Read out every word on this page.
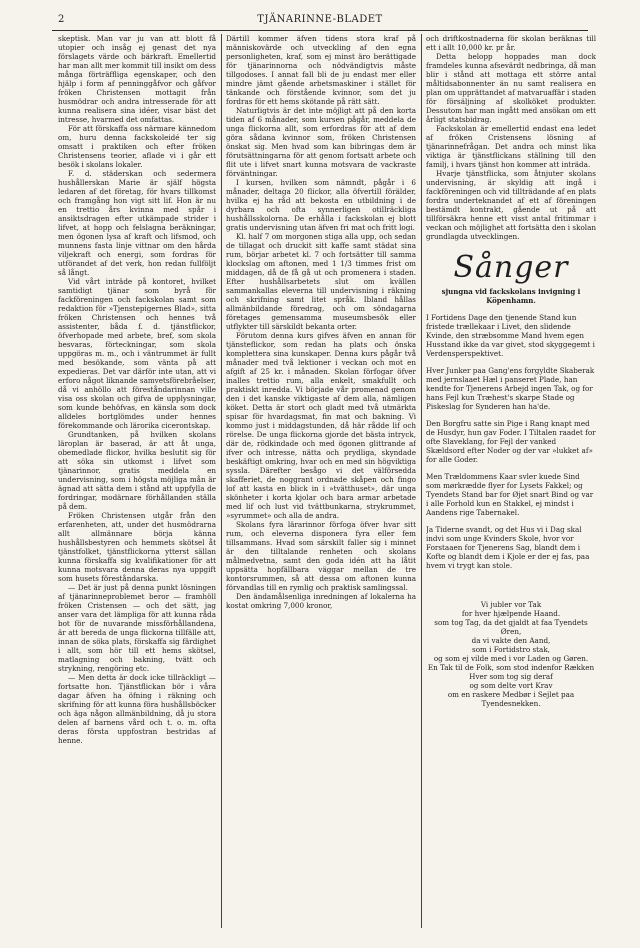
2	TJÄNARINNE-BLADET

skeptisk. Man var ju van att blott få utopier och insåg ej genast det nya förslagets värde och bärkraft. Emellertid har man allt mer kommit till insikt om dess många förträffliga egenskaper, och den hjälp i form af penninggåfvor och gåfvor fröken Christensen mottagit från husmödrar och andra intresserade för att kunna realisera sina idéer, visar bäst det intresse, hvarmed det omfattas.

För att förskaffa oss närmare kännedom om, huru denna fackskoleidé ter sig omsatt i praktiken och efter fröken Christensens teorier, aflade vi i går ett besök i skolans lokaler.

F. d. städerskan och sedermera hushållerskan Marie är själf högsta ledaren af det företag, för hvars tillkomst och framgång hon vigt sitt lif. Hon är nu en trettio års kvinna med spår i ansiktsdragen efter utkämpade strider i lifvet, at hopp och felslagna beräkningar, men ögonen lysa af kraft och lifsmod, och munnens fasta linje vittnar om den hårda viljekraft och energi, som fordras för utförandet af det verk, hon redan fullföljt så långt.

Vid vårt inträde på kontoret, hvilket samtidigt tjänar som byrå för fackföreningen och fackskolan samt som redaktion för »Tjenstepigernes Blad», sitta fröken Christensen och hennes två assistenter, båda f. d. tjänstflickor, öfverhopade med arbete, bref, som skola besvaras, förteckningar, som skola uppgöras m. m., och i väntrummet är fullt med besökande, som vänta på att expedieras. Det var därför inte utan, att vi erforo något liknande samvetsförebråelser, då vi anhöllo att föreståndarinnan ville visa oss skolan och gifva de upplysningar, som kunde behöfvas, en känsla som dock alldeles bortglömdes under hennes förekommande och lärorika cicerontskap.

Grundtanken, på hvilken skolans läroplan är baserad, är att åt unga, obemedlade flickor, hvilka beslutit sig för att söka sin utkomst i lifvet som tjänarinnor, gratis meddela en undervisning, som i högsta möjliga mån är ägnad att sätta dem i stånd att uppfylla de fordringar, modärnare förhållanden ställa på dem.

Fröken Christensen utgår från den erfarenheten, att, under det husmödrarna allt allmännare börja känna hushållsbestyren och hemmets skötsel åt tjänstfolket, tjänstflickorna ytterst sällan kunna förskaffa sig kvalifikationer för att kunna motsvara denna deras nya uppgift som husets föreståndarska.

— Det är just på denna punkt lösningen af tjänarinneproblemet beror — framhöll fröken Cristensen — och det sätt, jag anser vara det lämpliga för att kunna råda bot för de nuvarande missförhållandena, är att bereda de unga flickorna tillfälle att, innan de söka plats, förskaffa sig färdighet i allt, som hör till ett hems skötsel, matlagning och bakning, tvätt och strykning, rengöring etc.

— Men detta är dock icke tillräckligt — fortsatte hon. Tjänstflickan bör i våra dagar äfven ha öfning i räkning och skrifning för att kunna föra hushållsböcker och äga någon allmänbildning, då ju stora delen af barnens vård och t. o. m. ofta deras första uppfostran bestridas af henne.

Därtill kommer äfven tidens stora kraf på människovärde och utveckling af den egna personligheten, kraf, som ej minst äro berättigade för tjänarinnorna och nödvändigtvis måste tillgodoses. I annat fall bli de ju endast mer eller mindre jämt gående arbetsmaskiner i stället för tänkande och förstående kvinnor, som det ju fordras för ett hems skötande på rätt sätt.

Naturligtvis är det inte möjligt att på den korta tiden af 6 månader, som kursen pågår, meddela de unga flickorna allt, som erfordras för att af dem göra sådana kvinnor som, fröken Christensen önskat sig. Men hvad som kan bibringas dem är förutsättningarna för att genom fortsatt arbete och flit ute i lifvet snart kunna motsvara de vackraste förväntningar.

I kursen, hvilken som nämndt, pågår i 6 månader, deltaga 20 flickor, alla öfvertill förälder, hvilka ej ha råd att bekosta en utbildning i de dyrbara och ofta synnerligen otillräckliga hushållsskolorna. De erhålla i fackskolan ej blott gratis undervisning utan äfven fri mat och fritt logi.

Kl. half 7 om morgonen stiga alla upp, och sedan de tillagat och druckit sitt kaffe samt städat sina rum, börjar arbetet kl. 7 och fortsätter till samma klockslag om aftonen, med 1 1/3 timmes frist om middagen, då de få gå ut och promenera i staden. Efter hushållsarbetets slut om kvällen sammankallas eleverna till undervisning i räkning och skrifning samt litet språk. Ibland hållas allmänbildande föredrag, och om söndagarna företages gemensamma museumsbesök eller utflykter till särskildt bekanta orter.

Förutom denna kurs gifves äfven en annan för tjänsteflickor, som redan ha plats och önska komplettera sina kunskaper. Denna kurs pågår två månader med två lektioner i veckan och mot en afgift af 25 kr. i månaden. Skolan förfogar öfver inalles trettio rum, alla enkelt, smakfullt och praktiskt inredda. Vi började vår promenad genom den i det kanske viktigaste af dem alla, nämligen köket. Detta är stort och gladt med två utmärkta spisar för hvardagsmat, fin mat och bakning. Vi kommo just i middagstunden, då här rådde lif och rörelse. De unga flickorna gjorde det bästa intryck, där de, rödkindade och med ögonen glittrande af ifver och intresse, nätta och prydliga, skyndade beskäftigt omkring, hvar och en med sin högviktiga syssla. Därefter besågo vi det välförsedda skafferiet, de noggrant ordnade skåpen och fingo lof att kasta en blick in i »tvätthuset», där unga skönheter i korta kjolar och bara armar arbetade med lif och lust vid tvättbunkarna, strykrummet, »syrummet» och alla de andra.

Skolans fyra lärarinnor förfoga öfver hvar sitt rum, och eleverna disponera fyra eller fem tillsammans. Hvad som särskilt faller sig i minnet är den tilltalande renheten och skolans målmedvetna, samt den goda idén att ha låtit uppsätta hopfällbara väggar mellan de tre kontorsrummen, så att dessa om aftonen kunna förvandlas till en rymlig och praktisk samlingssal.

Den ändamålsenliga inredningen af lokalerna ha kostat omkring 7,000 kronor,

och driftkostnaderna för skolan beräknas till ett i allt 10,000 kr. pr år.

Detta belopp hoppades man dock framdeles kunna afsevärdt nedbringa, då man blir i stånd att mottaga ett större antal måltidsabonnenter än nu samt realisera en plan om upprättandet af matvaruaffär i staden för försäljning af skolköket produkter. Dessutom har man ingått med ansökan om ett årligt statsbidrag.

Fackskolan är emellertid endast ena ledet af fröken Cristensens lösning af tjänarinnefrågan. Det andra och minst lika viktiga är tjänstflickans ställning till den familj, i hvars tjänst hon kommer att inträda.

Hvarje tjänstflicka, som åtnjuter skolans undervisning, är skyldig att ingå i fackföreningen och vid tillträdande af en plats fordra underteknandet af ett af föreningen bestämdt kontrakt, gående ut på att tillförsäkra henne ett visst antal fritimmar i veckan och möjlighet att fortsätta den i skolan grundlagda utvecklingen.

Sånger
sjungna vid fackskolans invigning i Köpenhamn.

I Fortidens Dage den tjenende Stand kun fristede trællekaar i Livet, den slidende Kvinde, den stræbsomme Mand hvem egen Husstand ikke da var givet, stod skyggegemt i Verdensperspektivet.

Hver Junker paa Gang'ens forgyldte Skaberak med jernslaaet Hæl i panseret Plade, han kendte for Tjenerens Arbejd ingen Tak, og for hans Fejl kun Træhest's skarpe Stade og Piskeslag for Synderen han ha'de.

Den Borgfru satte sin Pige i Rang knapt med de Husdyr, hun gav Foder. I Tiltalen raadet for ofte Slaveklang, for Fejl der vanked Skældsord efter Noder og der var »lukket af» for alle Goder.

Men Trældommens Kaar svler kuede Sind som mørkrædde flyer for Lysets Fakkel; og Tyendets Stand bar for Øjet snart Bind og var i alle Forhold kun en Stakkel, ej mindst i Aandens rige Tabernakel.

Ja Tiderne svandt, og det Hus vi i Dag skal indvi som unge Kvinders Skole, hvor vor Forstaaen for Tjenerens Sag, blandt dem i Kofte og blandt dem i Kjole er der ej fas, paa hvem vi trygt kan stole.

Vi jubler vor Tak
for hver hjælpende Haand.
som tog Tag, da det gjaldt at faa Tyendets Øren,
da vi vakte den Aand,
som i Fortidstro stak,
og som ej vilde med i vor Laden og Gøren.
En Tak til de Folk, som stod indenfor Rækken
Hver som tog sig deraf
og som delte vort Krav
om en raskere Medbør i Sejlet paa Tyendesnekken.
